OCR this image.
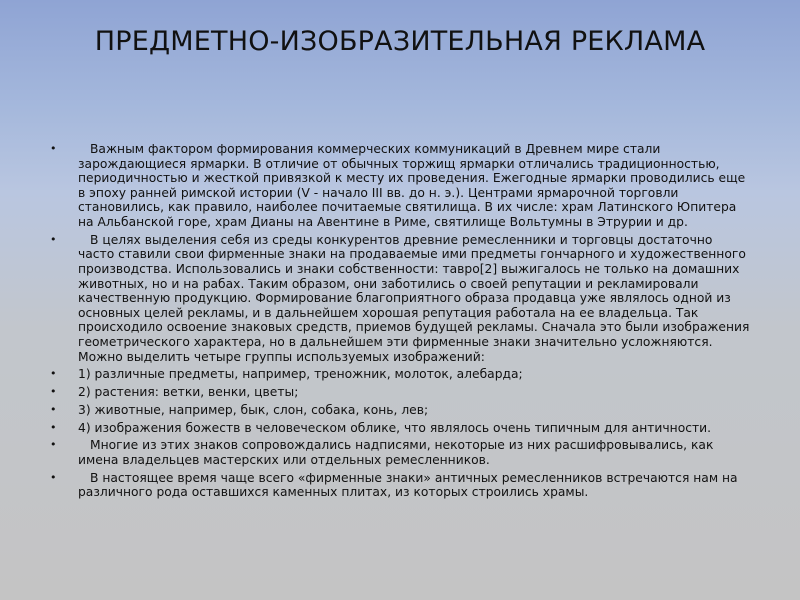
ПРЕДМЕТНО-ИЗОБРАЗИТЕЛЬНАЯ РЕКЛАМА
•	Важным фактором формирования коммерческих коммуникаций в Древнем мире стали зарождающиеся ярмарки. В отличие от обычных торжищ ярмарки отличались традиционностью, периодичностью и жесткой привязкой к месту их проведения. Ежегодные ярмарки проводились еще в эпоху ранней римской истории (V - начало III вв. до н. э.). Центрами ярмарочной торговли становились, как правило, наиболее почитаемые святилища. В их числе: храм Латинского Юпитера на Альбанской горе, храм Дианы на Авентине в Риме, святилище Вольтумны в Этрурии и др.
•	В целях выделения себя из среды конкурентов древние ремесленники и торговцы достаточно часто ставили свои фирменные знаки на продаваемые ими предметы гончарного и художественного производства. Использовались и знаки собственности: тавро[2] выжигалось не только на домашних животных, но и на рабах. Таким образом, они заботились о своей репутации и рекламировали качественную продукцию. Формирование благоприятного образа продавца уже являлось одной из основных целей рекламы, и в дальнейшем хорошая репутация работала на ее владельца. Так происходило освоение знаковых средств, приемов будущей рекламы. Сначала это были изображения геометрического характера, но в дальнейшем эти фирменные знаки значительно усложняются. Можно выделить четыре группы используемых изображений:
• 1) различные предметы, например, треножник, молоток, алебарда;
• 2) растения: ветки, венки, цветы;
• 3) животные, например, бык, слон, собака, конь, лев;
• 4) изображения божеств в человеческом облике, что являлось очень типичным для античности.
•	Многие из этих знаков сопровождались надписями, некоторые из них расшифровывались, как имена владельцев мастерских или отдельных ремесленников.
•	В настоящее время чаще всего «фирменные знаки» античных ремесленников встречаются нам на различного рода оставшихся каменных плитах, из которых строились храмы.
